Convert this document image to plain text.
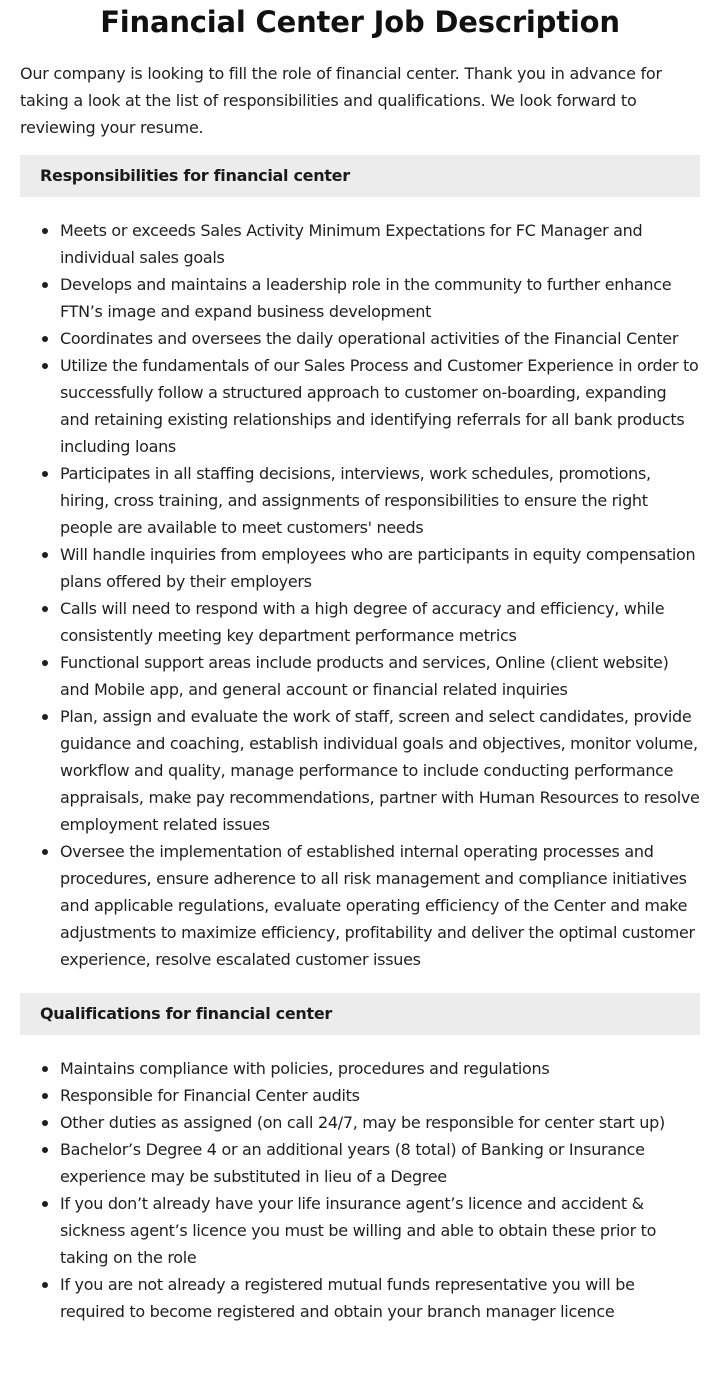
Financial Center Job Description

Our company is looking to fill the role of financial center. Thank you in advance for taking a look at the list of responsibilities and qualifications. We look forward to reviewing your resume.

Responsibilities for financial center
Meets or exceeds Sales Activity Minimum Expectations for FC Manager and individual sales goals
Develops and maintains a leadership role in the community to further enhance FTN’s image and expand business development
Coordinates and oversees the daily operational activities of the Financial Center
Utilize the fundamentals of our Sales Process and Customer Experience in order to successfully follow a structured approach to customer on-boarding, expanding and retaining existing relationships and identifying referrals for all bank products including loans
Participates in all staffing decisions, interviews, work schedules, promotions, hiring, cross training, and assignments of responsibilities to ensure the right people are available to meet customers' needs
Will handle inquiries from employees who are participants in equity compensation plans offered by their employers
Calls will need to respond with a high degree of accuracy and efficiency, while consistently meeting key department performance metrics
Functional support areas include products and services, Online (client website) and Mobile app, and general account or financial related inquiries
Plan, assign and evaluate the work of staff, screen and select candidates, provide guidance and coaching, establish individual goals and objectives, monitor volume, workflow and quality, manage performance to include conducting performance appraisals, make pay recommendations, partner with Human Resources to resolve employment related issues
Oversee the implementation of established internal operating processes and procedures, ensure adherence to all risk management and compliance initiatives and applicable regulations, evaluate operating efficiency of the Center and make adjustments to maximize efficiency, profitability and deliver the optimal customer experience, resolve escalated customer issues
Qualifications for financial center
Maintains compliance with policies, procedures and regulations
Responsible for Financial Center audits
Other duties as assigned (on call 24/7, may be responsible for center start up)
Bachelor’s Degree 4 or an additional years (8 total) of Banking or Insurance experience may be substituted in lieu of a Degree
If you don’t already have your life insurance agent’s licence and accident & sickness agent’s licence you must be willing and able to obtain these prior to taking on the role
If you are not already a registered mutual funds representative you will be required to become registered and obtain your branch manager licence
